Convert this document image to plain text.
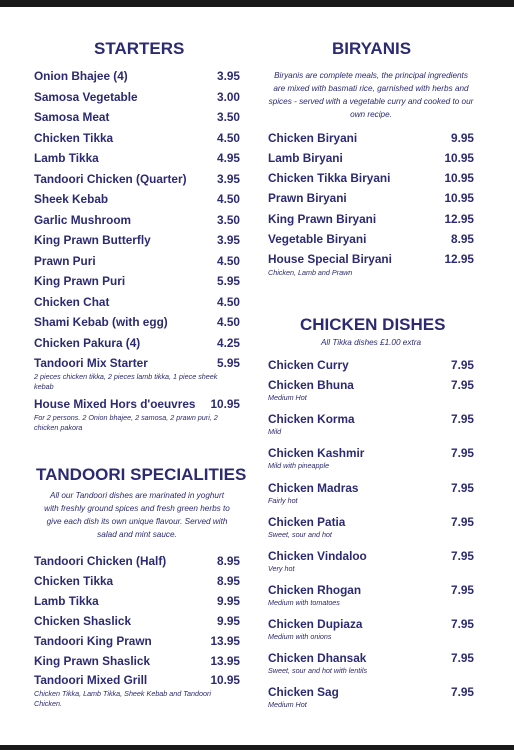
STARTERS
Onion Bhajee (4)	3.95
Samosa Vegetable	3.00
Samosa Meat	3.50
Chicken Tikka	4.50
Lamb Tikka	4.95
Tandoori Chicken (Quarter)	3.95
Sheek Kebab	4.50
Garlic Mushroom	3.50
King Prawn Butterfly	3.95
Prawn Puri	4.50
King Prawn Puri	5.95
Chicken Chat	4.50
Shami Kebab (with egg)	4.50
Chicken Pakura (4)	4.25
Tandoori Mix Starter	5.95
2 pieces chicken tikka, 2 pieces lamb tikka, 1 piece sheek kebab
House Mixed Hors d'oeuvres 10.95
For 2 persons. 2 Onion bhajee, 2 samosa, 2 prawn puri, 2 chicken pakora
TANDOORI SPECIALITIES
All our Tandoori dishes are marinated in yoghurt with freshly ground spices and fresh green herbs to give each dish its own unique flavour. Served with salad and mint sauce.
Tandoori Chicken (Half)	8.95
Chicken Tikka	8.95
Lamb Tikka	9.95
Chicken Shaslick	9.95
Tandoori King Prawn	13.95
King Prawn Shaslick	13.95
Tandoori Mixed Grill	10.95
Chicken Tikka, Lamb Tikka, Sheek Kebab and Tandoori Chicken.
BIRYANIS
Biryanis are complete meals, the principal ingredients are mixed with basmati rice, garnished with herbs and spices - served with a vegetable curry and cooked to our own recipe.
Chicken Biryani	9.95
Lamb Biryani	10.95
Chicken Tikka Biryani	10.95
Prawn Biryani	10.95
King Prawn Biryani	12.95
Vegetable Biryani	8.95
House Special Biryani	12.95
Chicken, Lamb and Prawn
CHICKEN DISHES
All Tikka dishes £1.00 extra
Chicken Curry	7.95
Chicken Bhuna	7.95
Medium Hot
Chicken Korma	7.95
Mild
Chicken Kashmir	7.95
Mild with pineapple
Chicken Madras	7.95
Fairly hot
Chicken Patia	7.95
Sweet, sour and hot
Chicken Vindaloo	7.95
Very hot
Chicken Rhogan	7.95
Medium with tomatoes
Chicken Dupiaza	7.95
Medium with onions
Chicken Dhansak	7.95
Sweet, sour and hot with lentils
Chicken Sag	7.95
Medium Hot
